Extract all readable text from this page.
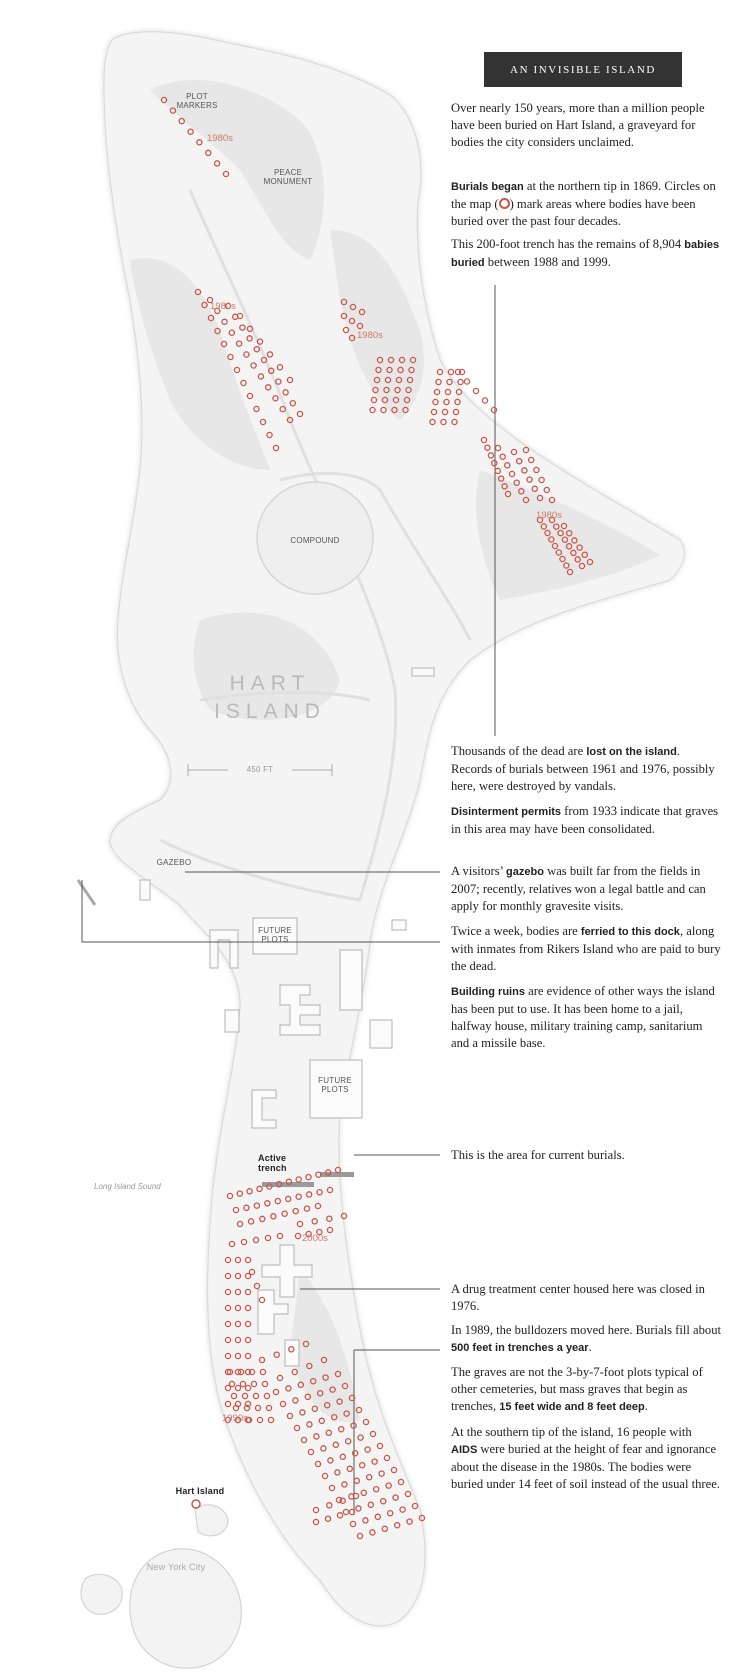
PLOT
MARKERS
PEACE
MONUMENT
COMPOUND
GAZEBO
FUTURE
PLOTS
FUTURE
PLOTS
Active
trench
450 FT
Long Island Sound
Hart Island
New York City
HART
ISLAND
1980s
1980s
1980s
1980s
2000s
1990s
AN INVISIBLE ISLAND
Over nearly 150 years, more than a million people have been buried on Hart Island, a graveyard for bodies the city considers unclaimed.
Burials began at the northern tip in 1869. Circles on the map ( ) mark areas where bodies have been buried over the past four decades.
This 200-foot trench has the remains of 8,904 babies buried between 1988 and 1999.
Thousands of the dead are lost on the island. Records of burials between 1961 and 1976, possibly here, were destroyed by vandals.
Disinterment permits from 1933 indicate that graves in this area may have been consolidated.
A visitors’ gazebo was built far from the fields in 2007; recently, relatives won a legal battle and can apply for monthly gravesite visits.
Twice a week, bodies are ferried to this dock, along with inmates from Rikers Island who are paid to bury the dead.
Building ruins are evidence of other ways the island has been put to use. It has been home to a jail, halfway house, military training camp, sanitarium and a missile base.
This is the area for current burials.
A drug treatment center housed here was closed in 1976.
In 1989, the bulldozers moved here. Burials fill about 500 feet in trenches a year.
The graves are not the 3-by-7-foot plots typical of other cemeteries, but mass graves that begin as trenches, 15 feet wide and 8 feet deep.
At the southern tip of the island, 16 people with AIDS were buried at the height of fear and ignorance about the disease in the 1980s. The bodies were buried under 14 feet of soil instead of the usual three.
